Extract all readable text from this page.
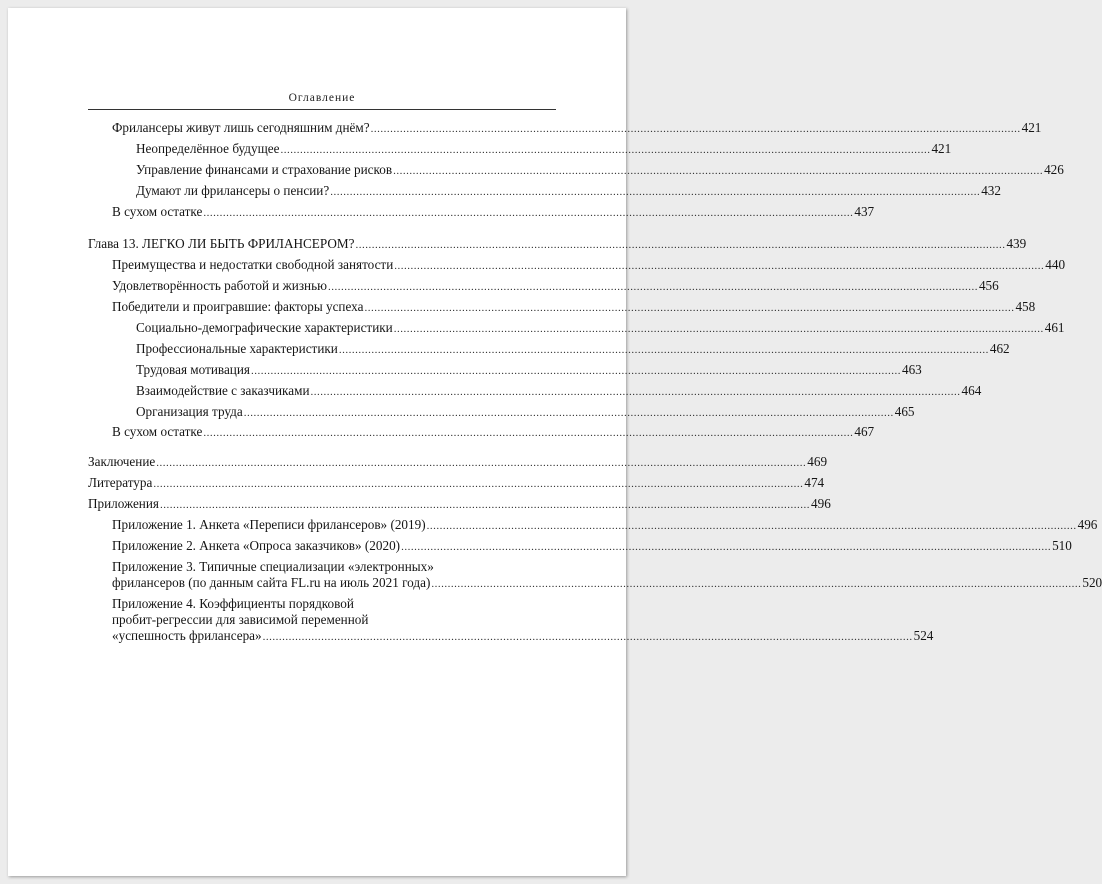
Оглавление
Фрилансеры живут лишь сегодняшним днём? ........................................................................................................................................................................................................ 421
Неопределённое будущее ........................................................................................................................................................................................................ 421
Управление финансами и страхование рисков ........................................................................................................................................................................................................ 426
Думают ли фрилансеры о пенсии? ........................................................................................................................................................................................................ 432
В сухом остатке ........................................................................................................................................................................................................ 437
Глава 13. ЛЕГКО ЛИ БЫТЬ ФРИЛАНСЕРОМ? ........................................................................................................................................................................................................ 439
Преимущества и недостатки свободной занятости ........................................................................................................................................................................................................ 440
Удовлетворённость работой и жизнью ........................................................................................................................................................................................................ 456
Победители и проигравшие: факторы успеха ........................................................................................................................................................................................................ 458
Социально-демографические характеристики ........................................................................................................................................................................................................ 461
Профессиональные характеристики ........................................................................................................................................................................................................ 462
Трудовая мотивация ........................................................................................................................................................................................................ 463
Взаимодействие с заказчиками ........................................................................................................................................................................................................ 464
Организация труда ........................................................................................................................................................................................................ 465
В сухом остатке ........................................................................................................................................................................................................ 467
Заключение ........................................................................................................................................................................................................ 469
Литература ........................................................................................................................................................................................................ 474
Приложения ........................................................................................................................................................................................................ 496
Приложение 1. Анкета «Переписи фрилансеров» (2019) ........................................................................................................................................................................................................ 496
Приложение 2. Анкета «Опроса заказчиков» (2020) ........................................................................................................................................................................................................ 510
Приложение 3. Типичные специализации «электронных»
фрилансеров (по данным сайта FL.ru на июль 2021 года) ........................................................................................................................................................................................................ 520
Приложение 4. Коэффициенты порядковой
пробит-регрессии для зависимой переменной
«успешность фрилансера» ........................................................................................................................................................................................................ 524
